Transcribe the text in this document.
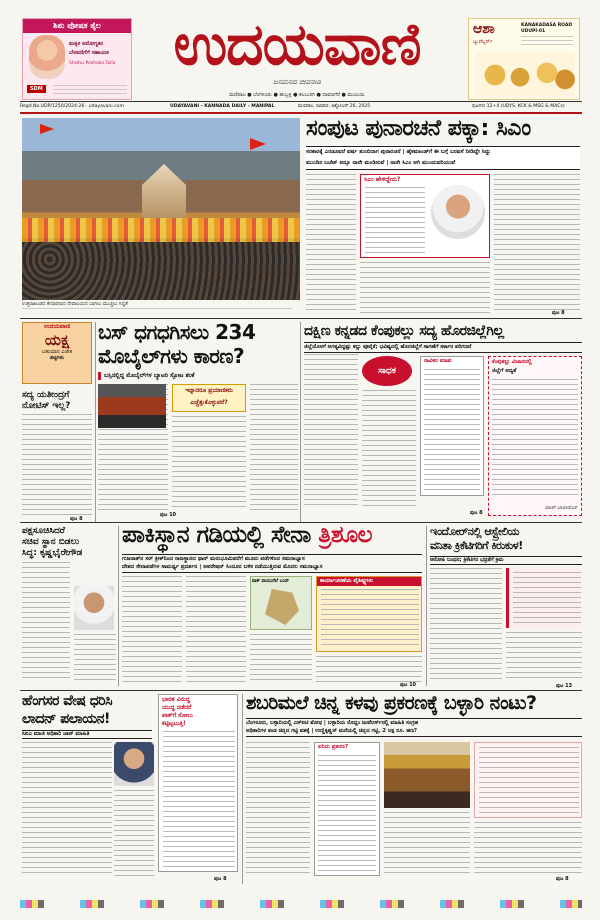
ಶಿಶು ಪೋಷಕ ತೈಲ
ಮಕ್ಕಳ ಆರೋಗ್ಯಕರ
ಬೆಳವಣಿಗೆಗೆ ಸಹಾಯಕ
Shishu Poshaka Taila
SDM
ಉದಯವಾಣಿ
ಜನಮನದ ಜೀವನಾಡಿ
ಆಶಾ
ಜ್ಯುವೆಲ್ಲರ್ಸ್
KANAKADASA ROAD
UDUPI-01
ಮಣಿಪಾಲ ● ಬೆಂಗಳೂರು ● ಹುಬ್ಬಳ್ಳಿ ● ಕಲಬುರಗಿ ● ದಾವಣಗೆರೆ ● ಮುಂಬಯಿ
Regd.No.UDP/1250/2024-26 · udayavani.com	UDAYAVANI - KANNADA DAILY - MANIPAL	ಮಣಿಪಾಲ, ರವಿವಾರ, ಅಕ್ಟೋಬರ್ 26, 2025	ಪುಟಗಳು 12+4 (UDYS, KCK & MSG & MACs)
ಉತ್ತರಾಖಂಡದ ಕೇದಾರನಾಥ ದೇವಾಲಯದ ಬಾಗಿಲು ಮುಚ್ಚಲು ಸಿದ್ಧತೆ
ಸಂಪುಟ ಪುನಾರಚನೆ ಪಕ್ಕಾ: ಸಿಎಂ
ಸರಕಾರಕ್ಕೆ ಎರಡೂವರೆ ವರ್ಷ ತುಂಬಿದಾಗ ಪುನಾರಚನೆ | ಹೈಕಮಾಂಡ್‌ಗೆ ಈ ಬಗ್ಗೆ ಬರವಸೆ ನೀಡಿದ್ದೇ ಸಿದ್ದು
ಮುಂದಿನ ಬಜೆಟ್ ಅನ್ನೂ ನಾನೇ ಮಂಡಿಸುವೆ | ನಾನೇ ಸಿಎಂ ಆಗಿ ಮುಂದುವರಿಯುವೆ
ಸಿಎಂ ಹೇಳಿದ್ದೇನು?
ಪುಟ 8
ಉದಯವಾಣಿ
ಯಕ್ಷ
ಬಹುಮಾನ ವಿಜೇತ
ಪಟ್ಟಿಗಳು
ಸದ್ಯ ಯತೀಂದ್ರಗೆ
ನೋಟಿಸ್ ಇಲ್ಲ?
ಪುಟ 8
ಬಸ್ ಧಗಧಗಿಸಲು 234
ಮೊಬೈಲ್‌ಗಳು ಕಾರಣ?
ಬಸ್ಸಿನಲ್ಲಿದ್ದ ಮೊಬೈಲ್‌ಗಳ ಬ್ಯಾಟರಿ ಸ್ಫೋಟ ಶಂಕೆ
ಇನ್ನಾದರೂ ಪ್ರಯಾಣಿಕರು
ಎಚ್ಚೆತ್ತುಕೊಳ್ಳುವರೆ?
ಪುಟ 10
ದಕ್ಷಿಣ ಕನ್ನಡದ ಕೆಂಪುಕಲ್ಲು ಸದ್ಯ ಹೊರಜಿಲ್ಲೆಗಿಲ್ಲ
ಜಿಲ್ಲೆಯೊಳಗೆ ಅಗತ್ಯವಿದ್ದಷ್ಟು ಕಲ್ಲು ಪೂರೈಕೆ; ಭವಿಷ್ಯದಲ್ಲಿ ಹೊರಜಿಲ್ಲೆಗೆ ಸಾಗಣೆಗೆ ಸರ್ಕಾರ ಪರಿಗಣನೆ
ಸಾಧಕ
ನಾವಿಕರ ಮಾತು
ಪುಟ 8
ಕೆಂಪುಕಲ್ಲು ವಿಚಾರದಲ್ಲಿ
ಜಿಲ್ಲೆಗೆ ಆದ್ಯತೆ
ಸತೀಶ್ ಜಾರಕಿಹೊಳಿ
ಪಕ್ಷಸೂಚಿಸಿದರೆ
ಸಚಿವ ಸ್ಥಾನ ಬಿಡಲು
ಸಿದ್ಧ: ಕೃಷ್ಣಭೈರೇಗೌಡ
ಪಾಕಿಸ್ಥಾನ ಗಡಿಯಲ್ಲಿ ಸೇನಾ ತ್ರಿಶೂಲ
ಗುಜರಾತ್‌ನ ಸರ್‌ ಕ್ರೀಕ್‌ನಿಂದ ರಾಜಸ್ಥಾನದ ಥಾರ್ ಮರುಭೂಮಿವರೆಗೆ ಮೂರು ಪಡೆಗಳಿಂದ ಸಮರಾಭ್ಯಾಸ
ದೇಶದ ಸೇನಾಪಡೆಗಳ ಸಾಮರ್ಥ್ಯ ಪ್ರದರ್ಶನ | ಆಪರೇಷನ್ ಸಿಂದೂರ ಬಳಿಕ ನಡೆಯುತ್ತಿರುವ ಮೊದಲ ಸಮರಾಭ್ಯಾಸ
ಪಾಕ್ ವಾಯುನೆಲೆ ಬಂದ್	ಕಾರ್ಯಾಚರಣೆಯ ವೈಶಿಷ್ಟ್ಯಗಳು
ಪುಟ 10
ಇಂದೋರ್‌ನಲ್ಲಿ ಆಸ್ಟ್ರೇಲಿಯ
ವನಿತಾ ಕ್ರಿಕೆಟಿಗರಿಗೆ ಕಿರುಕುಳ!
ಆರೋಪಿ ಬಂಧನ; ಕ್ರಿಕೆಟಿಗರ ಭದ್ರತೆಗೆ ಕ್ರಮ
ಪುಟ 13
ಹೆಂಗಸರ ವೇಷ ಧರಿಸಿ
ಲಾದನ್ ಪಲಾಯನ!
ಸಿಐಎ ಮಾಜಿ ಅಧಿಕಾರಿ ಜಾನ್ ಮಾಹಿತಿ
ಭಾರತ ವಿರುದ್ಧ
ಯುದ್ಧ ನಡೆದರೆ
ಪಾಕ್‌ಗೆ ಸೋಲು
ಕಟ್ಟಿಟ್ಟಬುತ್ತಿ!
ಪುಟ 8
ಶಬರಿಮಲೆ ಚಿನ್ನ ಕಳವು ಪ್ರಕರಣಕ್ಕೆ ಬಳ್ಳಾರಿ ನಂಟು?
ಬೆಂಗಳೂರು, ಬಳ್ಳಾರಿಯಲ್ಲಿ ಎಸ್‌ಐಟಿ ಶೋಧ | ಬಳ್ಳಾರಿಯ ರೊದ್ದಂ ಜುವೆಲರ್ಸ್‌ನಲ್ಲಿ ಮಾಹಿತಿ ಸಂಗ್ರಹ
ಅಧಿಕಾರಿಗಳ ತಂಡ ಚಿನ್ನದ ಗಟ್ಟಿ ವಶಕ್ಕೆ | ಉಣ್ಣಿಕೃಷ್ಣನ್ ಮನೆಯಲ್ಲಿ ಚಿನ್ನದ ಗಟ್ಟಿ, 2 ಲಕ್ಷ ರೂ. ಹಣ?
ಏನಿದು ಪ್ರಕರಣ?
ಪುಟ 8
